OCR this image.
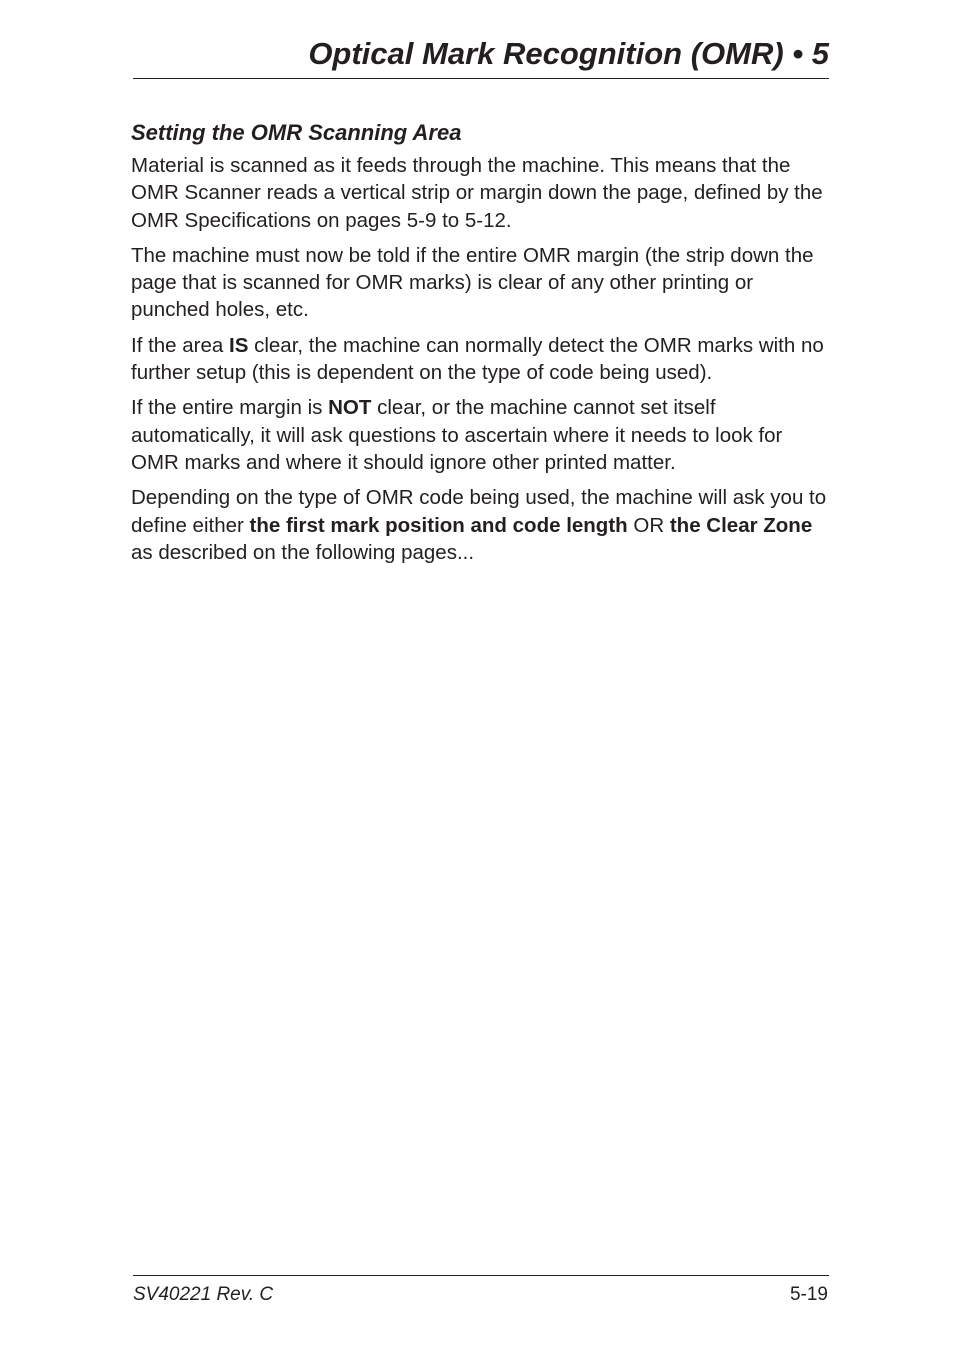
Optical Mark Recognition (OMR) • 5
Setting the OMR Scanning Area

Material is scanned as it feeds through the machine. This means that the OMR Scanner reads a vertical strip or margin down the page, defined by the OMR Specifications on pages 5-9 to 5-12.

The machine must now be told if the entire OMR margin (the strip down the page that is scanned for OMR marks) is clear of any other printing or punched holes, etc.

If the area IS clear, the machine can normally detect the OMR marks with no further setup (this is dependent on the type of code being used).

If the entire margin is NOT clear, or the machine cannot set itself automatically, it will ask questions to ascertain where it needs to look for OMR marks and where it should ignore other printed matter.

Depending on the type of OMR code being used, the machine will ask you to define either the first mark position and code length OR the Clear Zone as described on the following pages...

SV40221 Rev. C	5-19
